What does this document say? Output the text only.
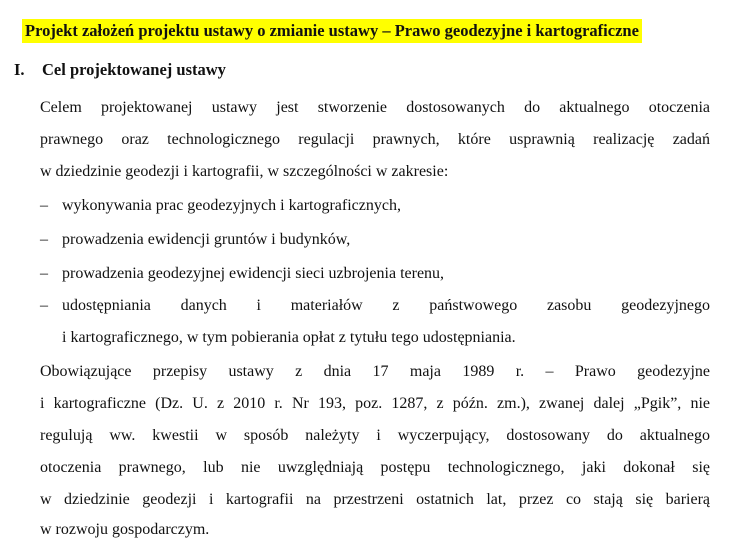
Projekt założeń projektu ustawy o zmianie ustawy – Prawo geodezyjne i kartograficzne
I. Cel projektowanej ustawy
Celem projektowanej ustawy jest stworzenie dostosowanych do aktualnego otoczenia
prawnego oraz technologicznego regulacji prawnych, które usprawnią realizację zadań
w dziedzinie geodezji i kartografii, w szczególności w zakresie:
– wykonywania prac geodezyjnych i kartograficznych,
– prowadzenia ewidencji gruntów i budynków,
– prowadzenia geodezyjnej ewidencji sieci uzbrojenia terenu,
– udostępniania danych i materiałów z państwowego zasobu geodezyjnego
i kartograficznego, w tym pobierania opłat z tytułu tego udostępniania.
Obowiązujące przepisy ustawy z dnia 17 maja 1989 r. – Prawo geodezyjne
i kartograficzne (Dz. U. z 2010 r. Nr 193, poz. 1287, z późn. zm.), zwanej dalej „Pgik”, nie
regulują ww. kwestii w sposób należyty i wyczerpujący, dostosowany do aktualnego
otoczenia prawnego, lub nie uwzględniają postępu technologicznego, jaki dokonał się
w dziedzinie geodezji i kartografii na przestrzeni ostatnich lat, przez co stają się barierą
w rozwoju gospodarczym.
